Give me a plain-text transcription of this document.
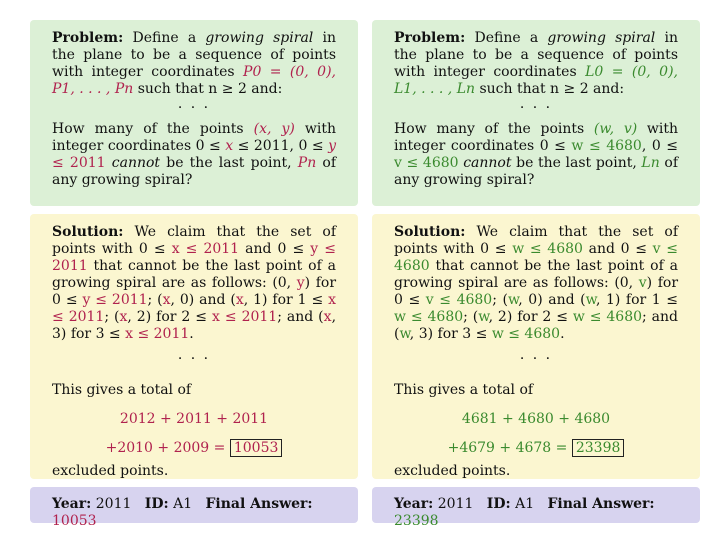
Problem: Define a growing spiral in the plane to be a sequence of points with integer coordinates P0 = (0, 0), P1, . . . , Pn such that n ≥ 2 and:

· · ·

How many of the points (x, y) with integer coordinates 0 ≤ x ≤ 2011, 0 ≤ y ≤ 2011 cannot be the last point, Pn of any growing spiral?

Solution: We claim that the set of points with 0 ≤ x ≤ 2011 and 0 ≤ y ≤ 2011 that cannot be the last point of a growing spiral are as follows: (0, y) for 0 ≤ y ≤ 2011; (x, 0) and (x, 1) for 1 ≤ x ≤ 2011; (x, 2) for 2 ≤ x ≤ 2011; and (x, 3) for 3 ≤ x ≤ 2011.

· · ·

This gives a total of

2012 + 2011 + 2011

+2010 + 2009 = 10053

excluded points.

Year: 2011 ID: A1 Final Answer: 10053

Problem: Define a growing spiral in the plane to be a sequence of points with integer coordinates L0 = (0, 0), L1, . . . , Ln such that n ≥ 2 and:

· · ·

How many of the points (w, v) with integer coordinates 0 ≤ w ≤ 4680, 0 ≤ v ≤ 4680 cannot be the last point, Ln of any growing spiral?

Solution: We claim that the set of points with 0 ≤ w ≤ 4680 and 0 ≤ v ≤ 4680 that cannot be the last point of a growing spiral are as follows: (0, v) for 0 ≤ v ≤ 4680; (w, 0) and (w, 1) for 1 ≤ w ≤ 4680; (w, 2) for 2 ≤ w ≤ 4680; and (w, 3) for 3 ≤ w ≤ 4680.

· · ·

This gives a total of

4681 + 4680 + 4680

+4679 + 4678 = 23398

excluded points.

Year: 2011 ID: A1 Final Answer: 23398
